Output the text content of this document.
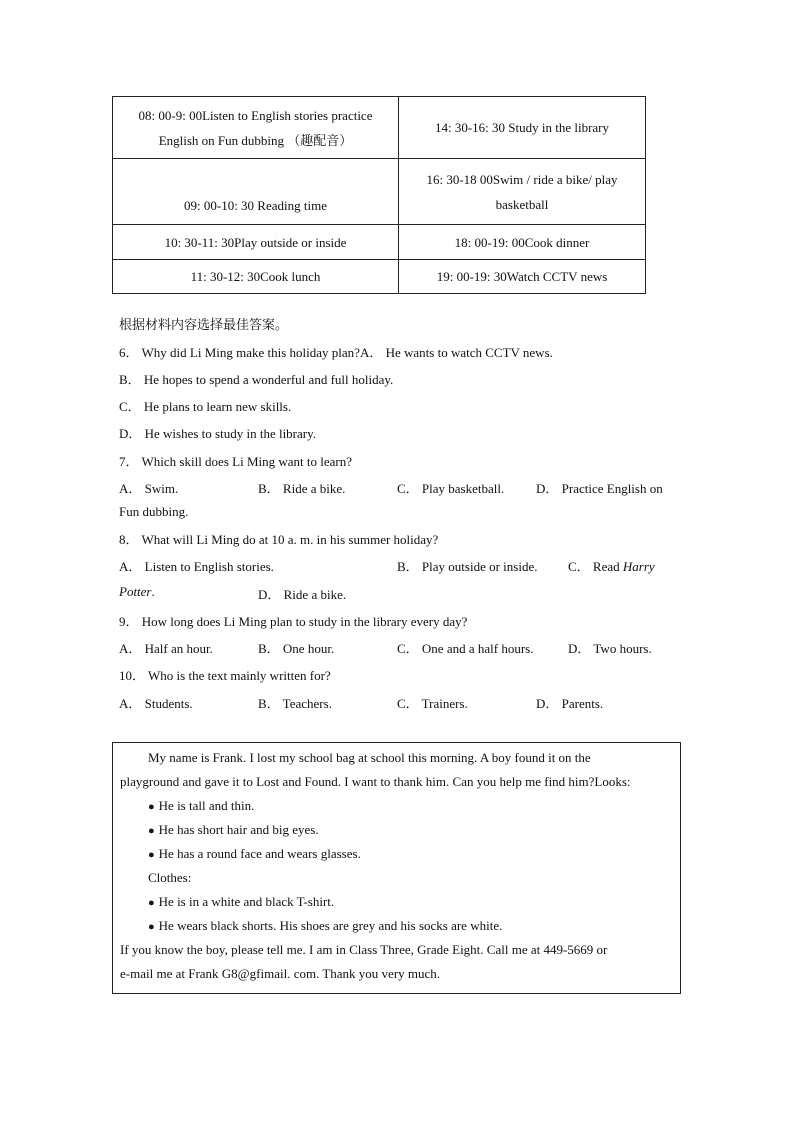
08: 00-9: 00Listen to English stories practice
English on Fun dubbing （趣配音）	14: 30-16: 30 Study in the library

09: 00-10: 30 Reading time	16: 30-18 00Swim / ride a bike/ play
basketball

10: 30-11: 30Play outside or inside	18: 00-19: 00Cook dinner

11: 30-12: 30Cook lunch	19: 00-19: 30Watch CCTV news
根据材料内容选择最佳答案。
6． Why did Li Ming make this holiday plan?A． He wants to watch CCTV news.
B． He hopes to spend a wonderful and full holiday.
C． He plans to learn new skills.
D． He wishes to study in the library.
7． Which skill does Li Ming want to learn?
A． Swim.	B． Ride a bike.	C． Play basketball. D． Practice English on
Fun dubbing.
8． What will Li Ming do at 10 a. m. in his summer holiday?
A． Listen to English stories.	B． Play outside or inside. C． Read Harry
Potter.	D． Ride a bike.
9． How long does Li Ming plan to study in the library every day?
A． Half an hour.	B． One hour.	C． One and a half hours.	D． Two hours.
10． Who is the text mainly written for?
A． Students.	B． Teachers.	C． Trainers.	D． Parents.
My name is Frank. I lost my school bag at school this morning. A boy found it on the
playground and gave it to Lost and Found. I want to thank him. Can you help me find him?Looks:
● He is tall and thin.
● He has short hair and big eyes.
● He has a round face and wears glasses.
Clothes:
● He is in a white and black T-shirt.
● He wears black shorts. His shoes are grey and his socks are white.
If you know the boy, please tell me. I am in Class Three, Grade Eight. Call me at 449-5669 or
e-mail me at Frank G8@gfimail. com. Thank you very much.
